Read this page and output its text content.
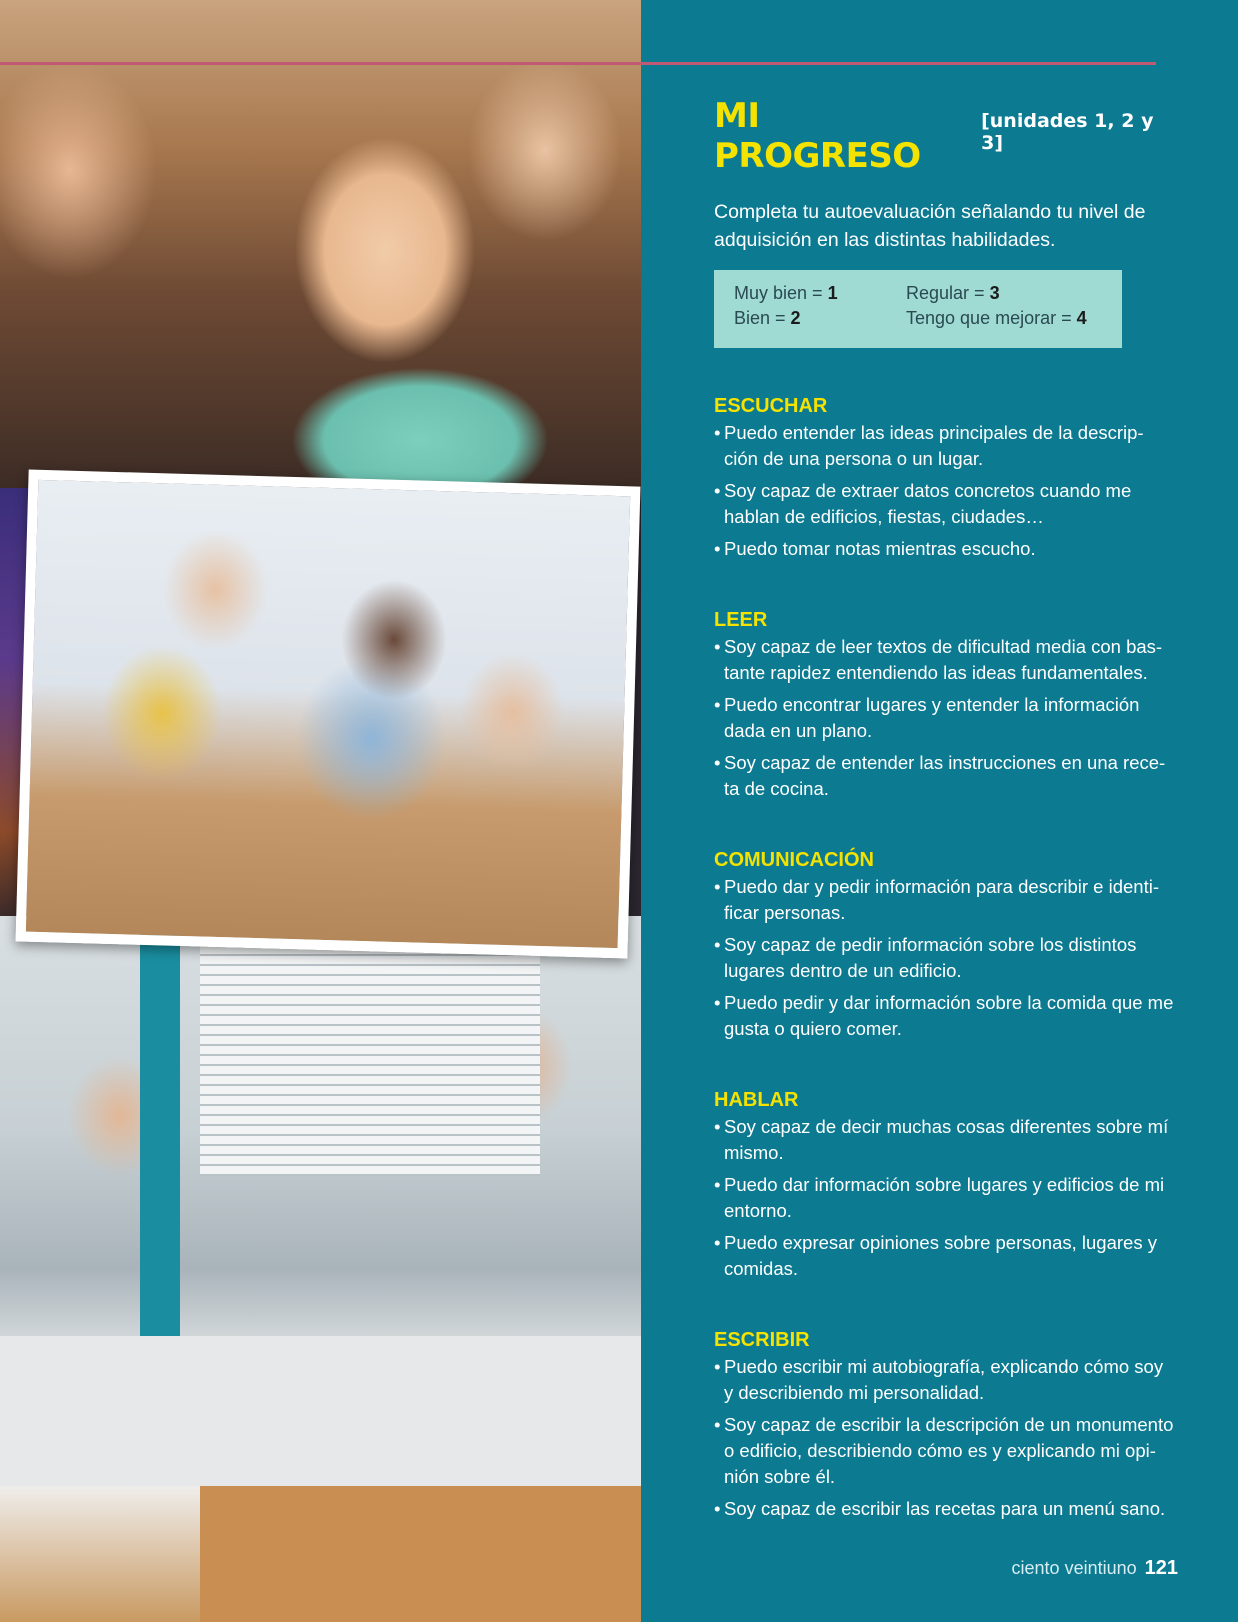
MI PROGRESO
[unidades 1, 2 y 3]
Completa tu autoevaluación señalando tu nivel de adquisición en las distintas habilidades.
Muy bien = 1	Regular = 3
Bien = 2	Tengo que mejorar = 4
ESCUCHAR
• Puedo entender las ideas principales de la descrip-ción de una persona o un lugar.
• Soy capaz de extraer datos concretos cuando me hablan de edificios, fiestas, ciudades…
• Puedo tomar notas mientras escucho.
LEER
• Soy capaz de leer textos de dificultad media con bas-tante rapidez entendiendo las ideas fundamentales.
• Puedo encontrar lugares y entender la información dada en un plano.
• Soy capaz de entender las instrucciones en una rece-ta de cocina.
COMUNICACIÓN
• Puedo dar y pedir información para describir e identi-ficar personas.
• Soy capaz de pedir información sobre los distintos lugares dentro de un edificio.
• Puedo pedir y dar información sobre la comida que me gusta o quiero comer.
HABLAR
• Soy capaz de decir muchas cosas diferentes sobre mí mismo.
• Puedo dar información sobre lugares y edificios de mi entorno.
• Puedo expresar opiniones sobre personas, lugares y comidas.
ESCRIBIR
• Puedo escribir mi autobiografía, explicando cómo soy y describiendo mi personalidad.
• Soy capaz de escribir la descripción de un monumento o edificio, describiendo cómo es y explicando mi opi-nión sobre él.
• Soy capaz de escribir las recetas para un menú sano.
ciento veintiuno 121
